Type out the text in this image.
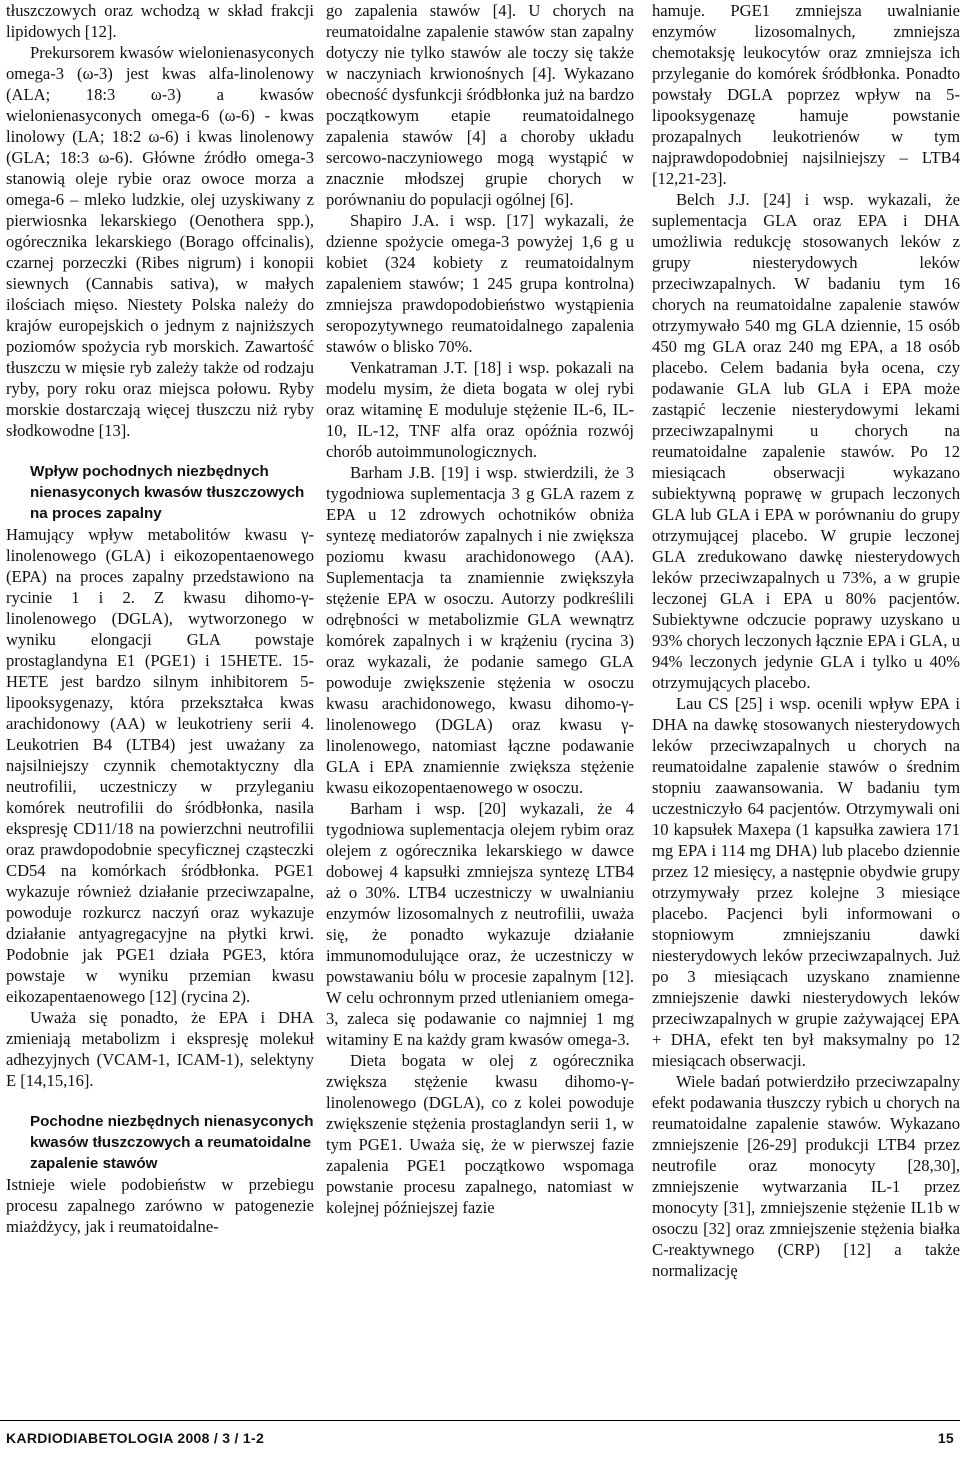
tłuszczowych oraz wchodzą w skład frakcji lipidowych [12].

Prekursorem kwasów wielonienasyconych omega-3 (ω-3) jest kwas alfa-linolenowy (ALA; 18:3 ω-3) a kwasów wielonienasyconych omega-6 (ω-6) - kwas linolowy (LA; 18:2 ω-6) i kwas linolenowy (GLA; 18:3 ω-6). Główne źródło omega-3 stanowią oleje rybie oraz owoce morza a omega-6 – mleko ludzkie, olej uzyskiwany z pierwiosnka lekarskiego (Oenothera spp.), ogórecznika lekarskiego (Borago offcinalis), czarnej porzeczki (Ribes nigrum) i konopii siewnych (Cannabis sativa), w małych ilościach mięso. Niestety Polska należy do krajów europejskich o jednym z najniższych poziomów spożycia ryb morskich. Zawartość tłuszczu w mięsie ryb zależy także od rodzaju ryby, pory roku oraz miejsca połowu. Ryby morskie dostarczają więcej tłuszczu niż ryby słodkowodne [13].

Wpływ pochodnych niezbędnych nienasyconych kwasów tłuszczowych na proces zapalny

Hamujący wpływ metabolitów kwasu γ-linolenowego (GLA) i eikozopentaenowego (EPA) na proces zapalny przedstawiono na rycinie 1 i 2. Z kwasu dihomo-γ-linolenowego (DGLA), wytworzonego w wyniku elongacji GLA powstaje prostaglandyna E1 (PGE1) i 15HETE. 15-HETE jest bardzo silnym inhibitorem 5-lipooksygenazy, która przekształca kwas arachidonowy (AA) w leukotrieny serii 4. Leukotrien B4 (LTB4) jest uważany za najsilniejszy czynnik chemotaktyczny dla neutrofilii, uczestniczy w przyleganiu komórek neutrofilii do śródbłonka, nasila ekspresję CD11/18 na powierzchni neutrofilii oraz prawdopodobnie specyficznej cząsteczki CD54 na komórkach śródbłonka. PGE1 wykazuje również działanie przeciwzapalne, powoduje rozkurcz naczyń oraz wykazuje działanie antyagregacyjne na płytki krwi. Podobnie jak PGE1 działa PGE3, która powstaje w wyniku przemian kwasu eikozapentaenowego [12] (rycina 2).

Uważa się ponadto, że EPA i DHA zmieniają metabolizm i ekspresję molekuł adhezyjnych (VCAM-1, ICAM-1), selektyny E [14,15,16].

Pochodne niezbędnych nienasyconych kwasów tłuszczowych a reumatoidalne zapalenie stawów

Istnieje wiele podobieństw w przebiegu procesu zapalnego zarówno w patogenezie miażdżycy, jak i reumatoidalne-

go zapalenia stawów [4]. U chorych na reumatoidalne zapalenie stawów stan zapalny dotyczy nie tylko stawów ale toczy się także w naczyniach krwionośnych [4]. Wykazano obecność dysfunkcji śródbłonka już na bardzo początkowym etapie reumatoidalnego zapalenia stawów [4] a choroby układu sercowo-naczyniowego mogą wystąpić w znacznie młodszej grupie chorych w porównaniu do populacji ogólnej [6].

Shapiro J.A. i wsp. [17] wykazali, że dzienne spożycie omega-3 powyżej 1,6 g u kobiet (324 kobiety z reumatoidalnym zapaleniem stawów; 1 245 grupa kontrolna) zmniejsza prawdopodobieństwo wystąpienia seropozytywnego reumatoidalnego zapalenia stawów o blisko 70%.

Venkatraman J.T. [18] i wsp. pokazali na modelu mysim, że dieta bogata w olej rybi oraz witaminę E moduluje stężenie IL-6, IL-10, IL-12, TNF alfa oraz opóźnia rozwój chorób autoimmunologicznych.

Barham J.B. [19] i wsp. stwierdzili, że 3 tygodniowa suplementacja 3 g GLA razem z EPA u 12 zdrowych ochotników obniża syntezę mediatorów zapalnych i nie zwiększa poziomu kwasu arachidonowego (AA). Suplementacja ta znamiennie zwiększyła stężenie EPA w osoczu. Autorzy podkreślili odrębności w metabolizmie GLA wewnątrz komórek zapalnych i w krążeniu (rycina 3) oraz wykazali, że podanie samego GLA powoduje zwiększenie stężenia w osoczu kwasu arachidonowego, kwasu dihomo-γ-linolenowego (DGLA) oraz kwasu γ-linolenowego, natomiast łączne podawanie GLA i EPA znamiennie zwiększa stężenie kwasu eikozopentaenowego w osoczu.

Barham i wsp. [20] wykazali, że 4 tygodniowa suplementacja olejem rybim oraz olejem z ogórecznika lekarskiego w dawce dobowej 4 kapsułki zmniejsza syntezę LTB4 aż o 30%. LTB4 uczestniczy w uwalnianiu enzymów lizosomalnych z neutrofilii, uważa się, że ponadto wykazuje działanie immunomodulujące oraz, że uczestniczy w powstawaniu bólu w procesie zapalnym [12]. W celu ochronnym przed utlenianiem omega-3, zaleca się podawanie co najmniej 1 mg witaminy E na każdy gram kwasów omega-3.

Dieta bogata w olej z ogórecznika zwiększa stężenie kwasu dihomo-γ-linolenowego (DGLA), co z kolei powoduje zwiększenie stężenia prostaglandyn serii 1, w tym PGE1. Uważa się, że w pierwszej fazie zapalenia PGE1 początkowo wspomaga powstanie procesu zapalnego, natomiast w kolejnej późniejszej fazie

hamuje. PGE1 zmniejsza uwalnianie enzymów lizosomalnych, zmniejsza chemotaksję leukocytów oraz zmniejsza ich przyleganie do komórek śródbłonka. Ponadto powstały DGLA poprzez wpływ na 5-lipooksygenazę hamuje powstanie prozapalnych leukotrienów w tym najprawdopodobniej najsilniejszy – LTB4 [12,21-23].

Belch J.J. [24] i wsp. wykazali, że suplementacja GLA oraz EPA i DHA umożliwia redukcję stosowanych leków z grupy niesterydowych leków przeciwzapalnych. W badaniu tym 16 chorych na reumatoidalne zapalenie stawów otrzymywało 540 mg GLA dziennie, 15 osób 450 mg GLA oraz 240 mg EPA, a 18 osób placebo. Celem badania była ocena, czy podawanie GLA lub GLA i EPA może zastąpić leczenie niesterydowymi lekami przeciwzapalnymi u chorych na reumatoidalne zapalenie stawów. Po 12 miesiącach obserwacji wykazano subiektywną poprawę w grupach leczonych GLA lub GLA i EPA w porównaniu do grupy otrzymującej placebo. W grupie leczonej GLA zredukowano dawkę niesterydowych leków przeciwzapalnych u 73%, a w grupie leczonej GLA i EPA u 80% pacjentów. Subiektywne odczucie poprawy uzyskano u 93% chorych leczonych łącznie EPA i GLA, u 94% leczonych jedynie GLA i tylko u 40% otrzymujących placebo.

Lau CS [25] i wsp. ocenili wpływ EPA i DHA na dawkę stosowanych niesterydowych leków przeciwzapalnych u chorych na reumatoidalne zapalenie stawów o średnim stopniu zaawansowania. W badaniu tym uczestniczyło 64 pacjentów. Otrzymywali oni 10 kapsułek Maxepa (1 kapsułka zawiera 171 mg EPA i 114 mg DHA) lub placebo dziennie przez 12 miesięcy, a następnie obydwie grupy otrzymywały przez kolejne 3 miesiące placebo. Pacjenci byli informowani o stopniowym zmniejszaniu dawki niesterydowych leków przeciwzapalnych. Już po 3 miesiącach uzyskano znamienne zmniejszenie dawki niesterydowych leków przeciwzapalnych w grupie zażywającej EPA + DHA, efekt ten był maksymalny po 12 miesiącach obserwacji.

Wiele badań potwierdziło przeciwzapalny efekt podawania tłuszczy rybich u chorych na reumatoidalne zapalenie stawów. Wykazano zmniejszenie [26-29] produkcji LTB4 przez neutrofile oraz monocyty [28,30], zmniejszenie wytwarzania IL-1 przez monocyty [31], zmniejszenie stężenie IL1b w osoczu [32] oraz zmniejszenie stężenia białka C-reaktywnego (CRP) [12] a także normalizację

KARDIODIABETOLOGIA 2008 / 3 / 1-2	15
